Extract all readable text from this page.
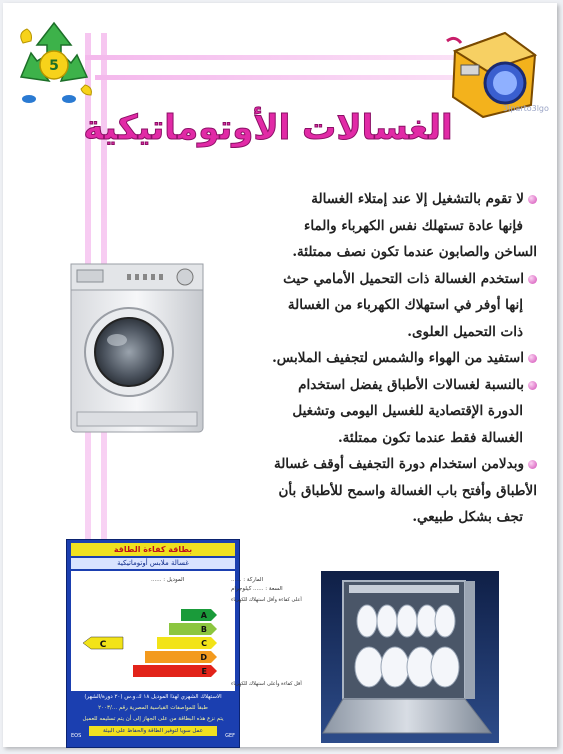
5
3lparto3lgo
الغسالات الأوتوماتيكية
لا تقوم بالتشغيل إلا عند إمتلاء الغسالة
فإنها عادة تستهلك نفس الكهرباء والماء
الساخن والصابون عندما تكون نصف ممتلئة.
استخدم الغسالة ذات التحميل الأمامي حيث
إنها أوفر في استهلاك الكهرباء من الغسالة
ذات التحميل العلوى.
استفيد من الهواء والشمس لتجفيف الملابس.
بالنسبة لغسالات الأطباق يفضل استخدام
الدورة الإقتصادية للغسيل اليومى وتشغيل
الغسالة فقط عندما تكون ممتلئة.
وبدلامن استخدام دورة التجفيف أوقف غسالة
الأطباق وأفتح باب الغسالة واسمح للأطباق بأن
تجف بشكل طبيعي.
بطاقة كفاءة الطاقة
غسالة ملابس أوتوماتيكية
الماركة : ......
الموديل : ......
السعة : ...... كيلوجرام
أعلى كفاءة وأقل استهلاك للكهرباء
A
B
C
D
E
C
أقل كفاءة وأعلى استهلاك للكهرباء
الاستهلاك الشهري لهذا الموديل ١٨ ك.و.س (٢٠ دورة/الشهر)
طبقاً للمواصفات القياسية المصرية رقم .../٢٠٠٣
يتم نزع هذه البطاقة من على الجهاز إلى أن يتم تسليمه للعميل
عمل سويا لتوفير الطاقة والحفاظ على البيئة
EOS	GEF
